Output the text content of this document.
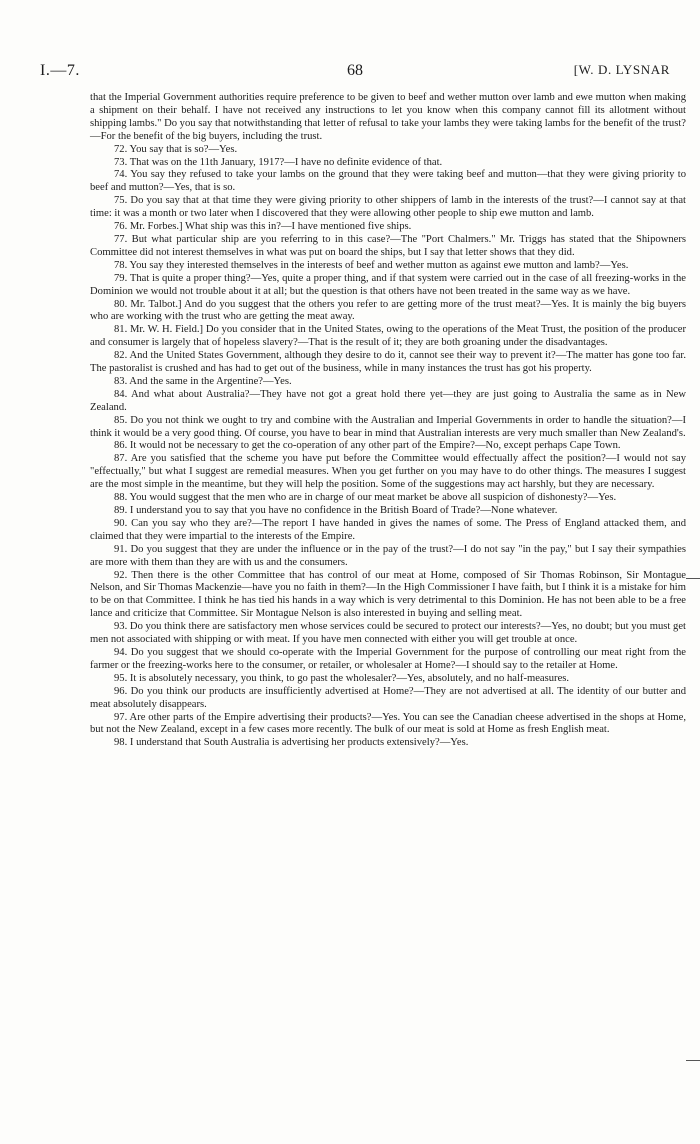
I.—7.	68	[W. D. LYSNAR

that the Imperial Government authorities require preference to be given to beef and wether mutton over lamb and ewe mutton when making a shipment on their behalf. I have not received any instructions to let you know when this company cannot fill its allotment without shipping lambs." Do you say that notwithstanding that letter of refusal to take your lambs they were taking lambs for the benefit of the trust?—For the benefit of the big buyers, including the trust.

72. You say that is so?—Yes.

73. That was on the 11th January, 1917?—I have no definite evidence of that.

74. You say they refused to take your lambs on the ground that they were taking beef and mutton—that they were giving priority to beef and mutton?—Yes, that is so.

75. Do you say that at that time they were giving priority to other shippers of lamb in the interests of the trust?—I cannot say at that time: it was a month or two later when I discovered that they were allowing other people to ship ewe mutton and lamb.

76. Mr. Forbes.] What ship was this in?—I have mentioned five ships.

77. But what particular ship are you referring to in this case?—The "Port Chalmers." Mr. Triggs has stated that the Shipowners Committee did not interest themselves in what was put on board the ships, but I say that letter shows that they did.

78. You say they interested themselves in the interests of beef and wether mutton as against ewe mutton and lamb?—Yes.

79. That is quite a proper thing?—Yes, quite a proper thing, and if that system were carried out in the case of all freezing-works in the Dominion we would not trouble about it at all; but the question is that others have not been treated in the same way as we have.

80. Mr. Talbot.] And do you suggest that the others you refer to are getting more of the trust meat?—Yes. It is mainly the big buyers who are working with the trust who are getting the meat away.

81. Mr. W. H. Field.] Do you consider that in the United States, owing to the operations of the Meat Trust, the position of the producer and consumer is largely that of hopeless slavery?—That is the result of it; they are both groaning under the disadvantages.

82. And the United States Government, although they desire to do it, cannot see their way to prevent it?—The matter has gone too far. The pastoralist is crushed and has had to get out of the business, while in many instances the trust has got his property.

83. And the same in the Argentine?—Yes.

84. And what about Australia?—They have not got a great hold there yet—they are just going to Australia the same as in New Zealand.

85. Do you not think we ought to try and combine with the Australian and Imperial Governments in order to handle the situation?—I think it would be a very good thing. Of course, you have to bear in mind that Australian interests are very much smaller than New Zealand's.

86. It would not be necessary to get the co-operation of any other part of the Empire?—No, except perhaps Cape Town.

87. Are you satisfied that the scheme you have put before the Committee would effectually affect the position?—I would not say "effectually," but what I suggest are remedial measures. When you get further on you may have to do other things. The measures I suggest are the most simple in the meantime, but they will help the position. Some of the suggestions may act harshly, but they are necessary.

88. You would suggest that the men who are in charge of our meat market be above all suspicion of dishonesty?—Yes.

89. I understand you to say that you have no confidence in the British Board of Trade?—None whatever.

90. Can you say who they are?—The report I have handed in gives the names of some. The Press of England attacked them, and claimed that they were impartial to the interests of the Empire.

91. Do you suggest that they are under the influence or in the pay of the trust?—I do not say "in the pay," but I say their sympathies are more with them than they are with us and the consumers.

92. Then there is the other Committee that has control of our meat at Home, composed of Sir Thomas Robinson, Sir Montague Nelson, and Sir Thomas Mackenzie—have you no faith in them?—In the High Commissioner I have faith, but I think it is a mistake for him to be on that Committee. I think he has tied his hands in a way which is very detrimental to this Dominion. He has not been able to be a free lance and criticize that Committee. Sir Montague Nelson is also interested in buying and selling meat.

93. Do you think there are satisfactory men whose services could be secured to protect our interests?—Yes, no doubt; but you must get men not associated with shipping or with meat. If you have men connected with either you will get trouble at once.

94. Do you suggest that we should co-operate with the Imperial Government for the purpose of controlling our meat right from the farmer or the freezing-works here to the consumer, or retailer, or wholesaler at Home?—I should say to the retailer at Home.

95. It is absolutely necessary, you think, to go past the wholesaler?—Yes, absolutely, and no half-measures.

96. Do you think our products are insufficiently advertised at Home?—They are not advertised at all. The identity of our butter and meat absolutely disappears.

97. Are other parts of the Empire advertising their products?—Yes. You can see the Canadian cheese advertised in the shops at Home, but not the New Zealand, except in a few cases more recently. The bulk of our meat is sold at Home as fresh English meat.

98. I understand that South Australia is advertising her products extensively?—Yes.
